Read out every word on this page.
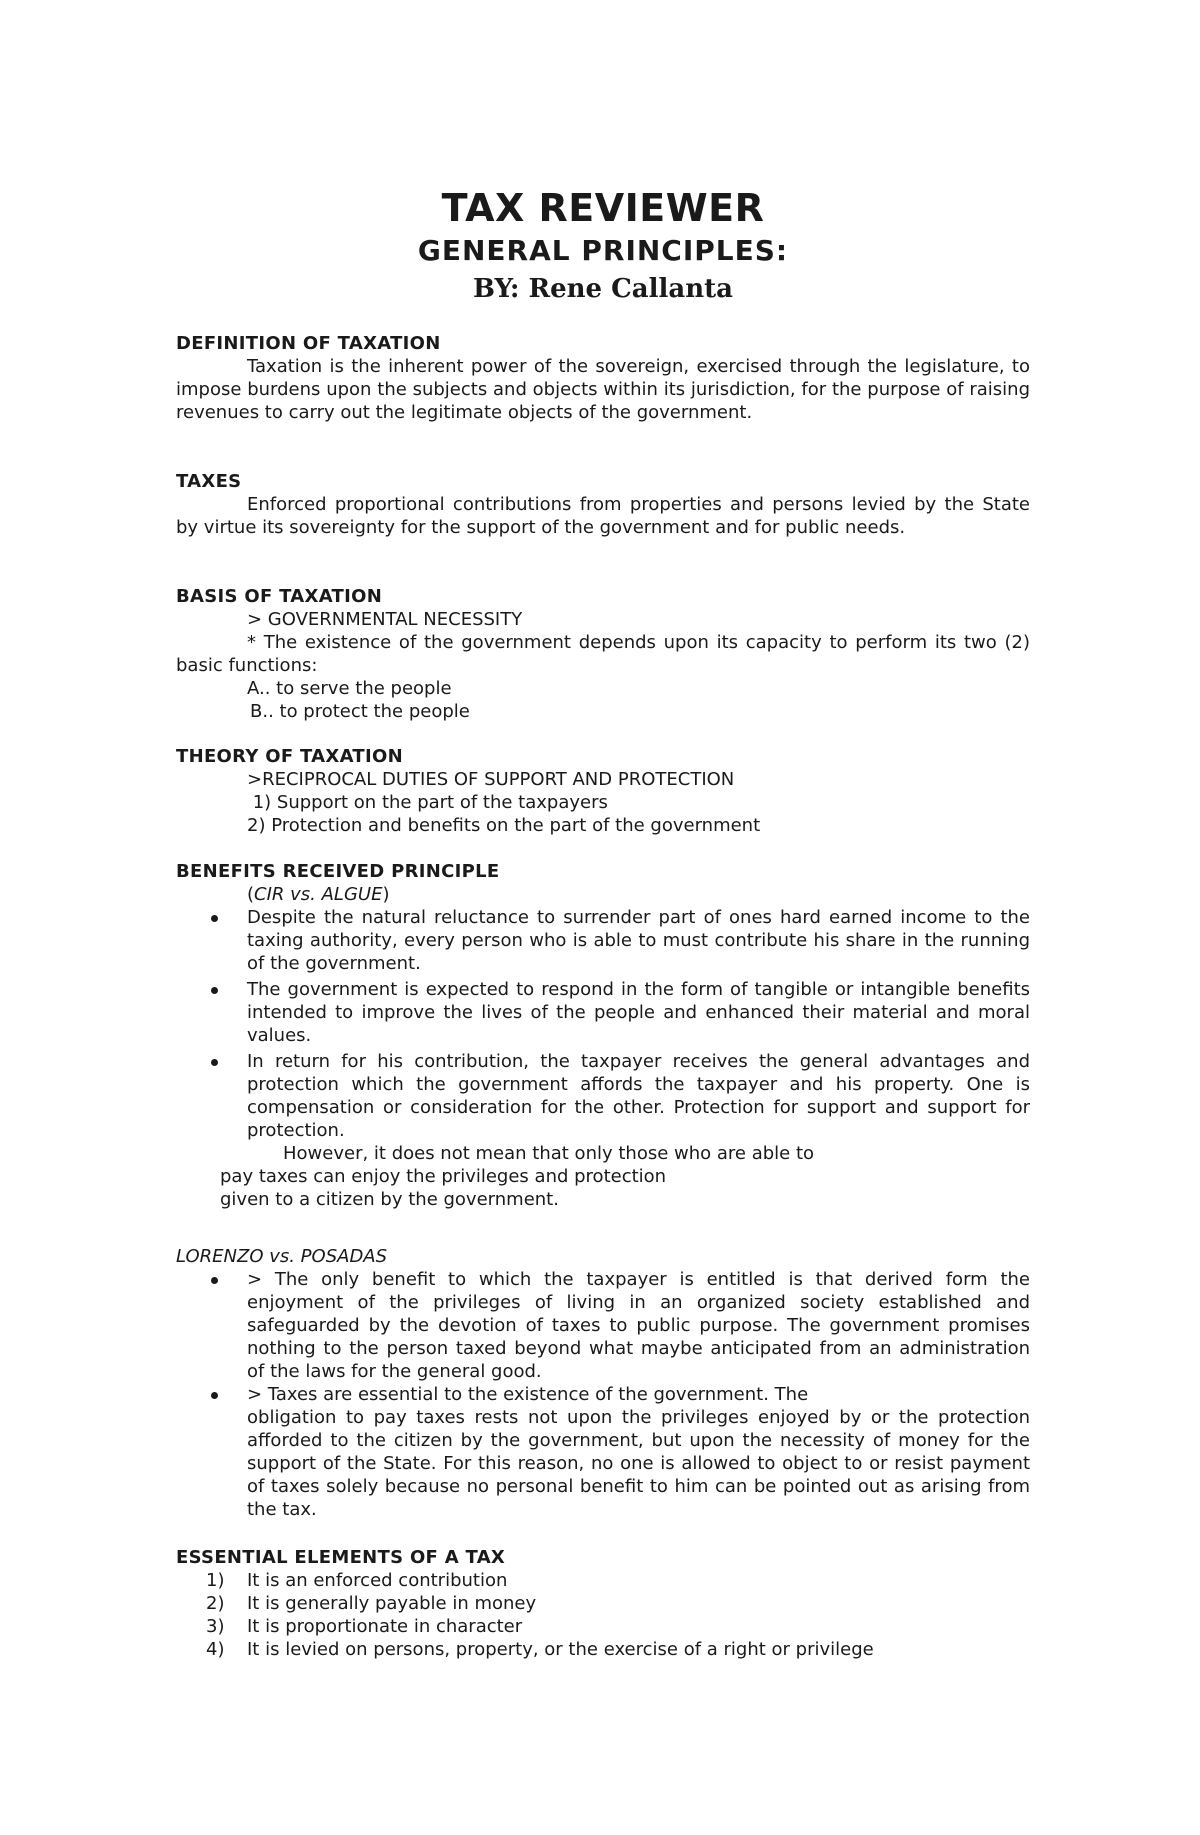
TAX REVIEWER
GENERAL PRINCIPLES:
BY: Rene Callanta
DEFINITION OF TAXATION
Taxation is the inherent power of the sovereign, exercised through the legislature, to impose burdens upon the subjects and objects within its jurisdiction, for the purpose of raising revenues to carry out the legitimate objects of the government.
TAXES
Enforced proportional contributions from properties and persons levied by the State by virtue its sovereignty for the support of the government and for public needs.
BASIS OF TAXATION
> GOVERNMENTAL NECESSITY
* The existence of the government depends upon its capacity to perform its two (2) basic functions:
A.. to serve the people
B.. to protect the people
THEORY OF TAXATION
>RECIPROCAL DUTIES OF SUPPORT AND PROTECTION
1) Support on the part of the taxpayers
2) Protection and benefits on the part of the government
BENEFITS RECEIVED PRINCIPLE
(CIR vs. ALGUE)
Despite the natural reluctance to surrender part of ones hard earned income to the taxing authority, every person who is able to must contribute his share in the running of the government.
The government is expected to respond in the form of tangible or intangible benefits intended to improve the lives of the people and enhanced their material and moral values.
In return for his contribution, the taxpayer receives the general advantages and protection which the government affords the taxpayer and his property. One is compensation or consideration for the other. Protection for support and support for protection.
However, it does not mean that only those who are able to
pay taxes can enjoy the privileges and protection
given to a citizen by the government.
LORENZO vs. POSADAS
> The only benefit to which the taxpayer is entitled is that derived form the enjoyment of the privileges of living in an organized society established and safeguarded by the devotion of taxes to public purpose. The government promises nothing to the person taxed beyond what maybe anticipated from an administration of the laws for the general good.
> Taxes are essential to the existence of the government. The
obligation to pay taxes rests not upon the privileges enjoyed by or the protection afforded to the citizen by the government, but upon the necessity of money for the support of the State. For this reason, no one is allowed to object to or resist payment of taxes solely because no personal benefit to him can be pointed out as arising from the tax.
ESSENTIAL ELEMENTS OF A TAX
1) It is an enforced contribution
2) It is generally payable in money
3) It is proportionate in character
4) It is levied on persons, property, or the exercise of a right or privilege
